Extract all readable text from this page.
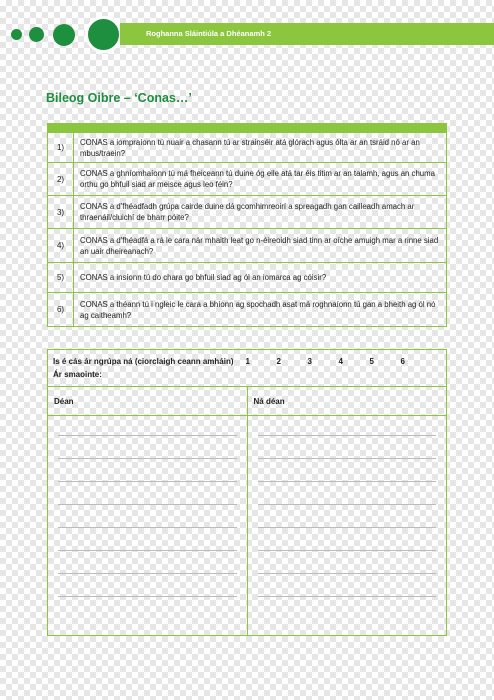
Roghanna Sláintiúla a Dhéanamh 2
Bileog Oibre – ‘Conas…’
1)
CONAS a iompraíonn tú nuair a chasann tú ar strainséir atá glórach agus ólta ar an tsráid nó ar an mbus/traein?
2)
CONAS a ghníomhaíonn tú má fheiceann tú duine óg eile atá tar éis titim ar an talamh, agus an chuma orthu go bhfuil siad ar meisce agus leo féin?
3)
CONAS a d'fhéadfadh grúpa cairde duine dá gcomhimreoirí a spreagadh gan cailleadh amach ar thraenáil/cluichí de bharr póite?
4)
CONAS a d'fhéadfá a rá le cara nár mhaith leat go n-éireoidh siad tinn ar oíche amuigh mar a rinne siad an uair dheireanach?
5)	CONAS a insíonn tú do chara go bhfuil siad ag ól an iomarca ag cóisir?
6)
CONAS a théann tú i ngleic le cara a bhíonn ag spochadh asat má roghnaíonn tú gan a bheith ag ól nó ag caitheamh?
Is é cás ár ngrúpa ná (ciorclaigh ceann amháin) 1	2	3	4	5	6
Ár smaointe:
Déan	Ná déan
